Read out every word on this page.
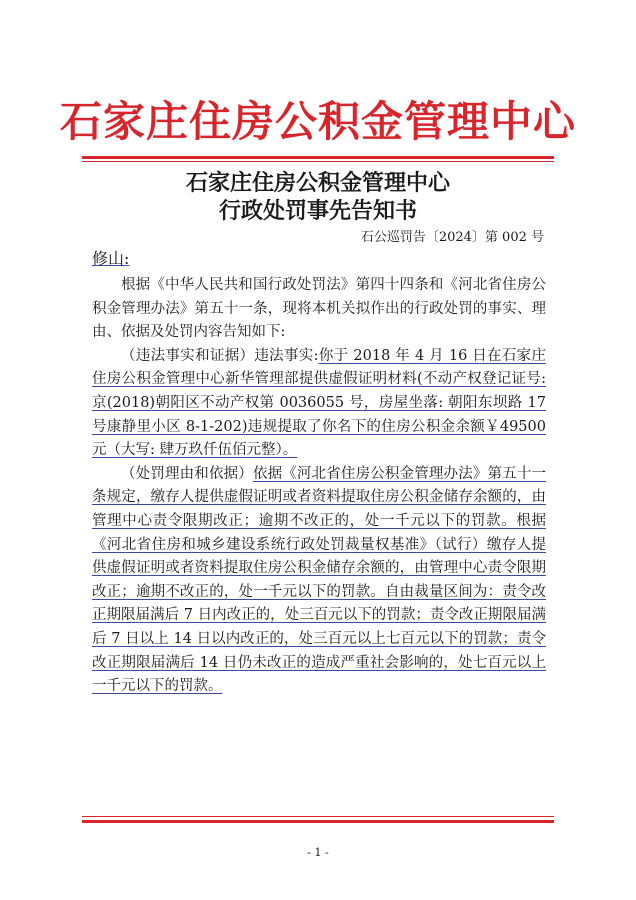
石家庄住房公积金管理中心
石家庄住房公积金管理中心
行政处罚事先告知书
石公巡罚告〔2024〕第 002 号
修山:

根据《中华人民共和国行政处罚法》第四十四条和《河北省住房公积金管理办法》第五十一条，现将本机关拟作出的行政处罚的事实、理由、依据及处罚内容告知如下:

（违法事实和证据）违法事实:你于 2018 年 4 月 16 日在石家庄住房公积金管理中心新华管理部提供虚假证明材料(不动产权登记证号:京(2018)朝阳区不动产权第 0036055 号，房屋坐落: 朝阳东坝路 17 号康静里小区 8-1-202)违规提取了你名下的住房公积金余额￥49500 元（大写: 肆万玖仟伍佰元整）。

（处罚理由和依据）依据《河北省住房公积金管理办法》第五十一条规定，缴存人提供虚假证明或者资料提取住房公积金储存余额的，由管理中心责令限期改正；逾期不改正的，处一千元以下的罚款。根据《河北省住房和城乡建设系统行政处罚裁量权基准》（试行）缴存人提供虚假证明或者资料提取住房公积金储存余额的，由管理中心责令限期改正；逾期不改正的，处一千元以下的罚款。自由裁量区间为：责令改正期限届满后 7 日内改正的，处三百元以下的罚款；责令改正期限届满后 7 日以上 14 日以内改正的，处三百元以上七百元以下的罚款；责令改正期限届满后 14 日仍未改正的造成严重社会影响的，处七百元以上一千元以下的罚款。

- 1 -
